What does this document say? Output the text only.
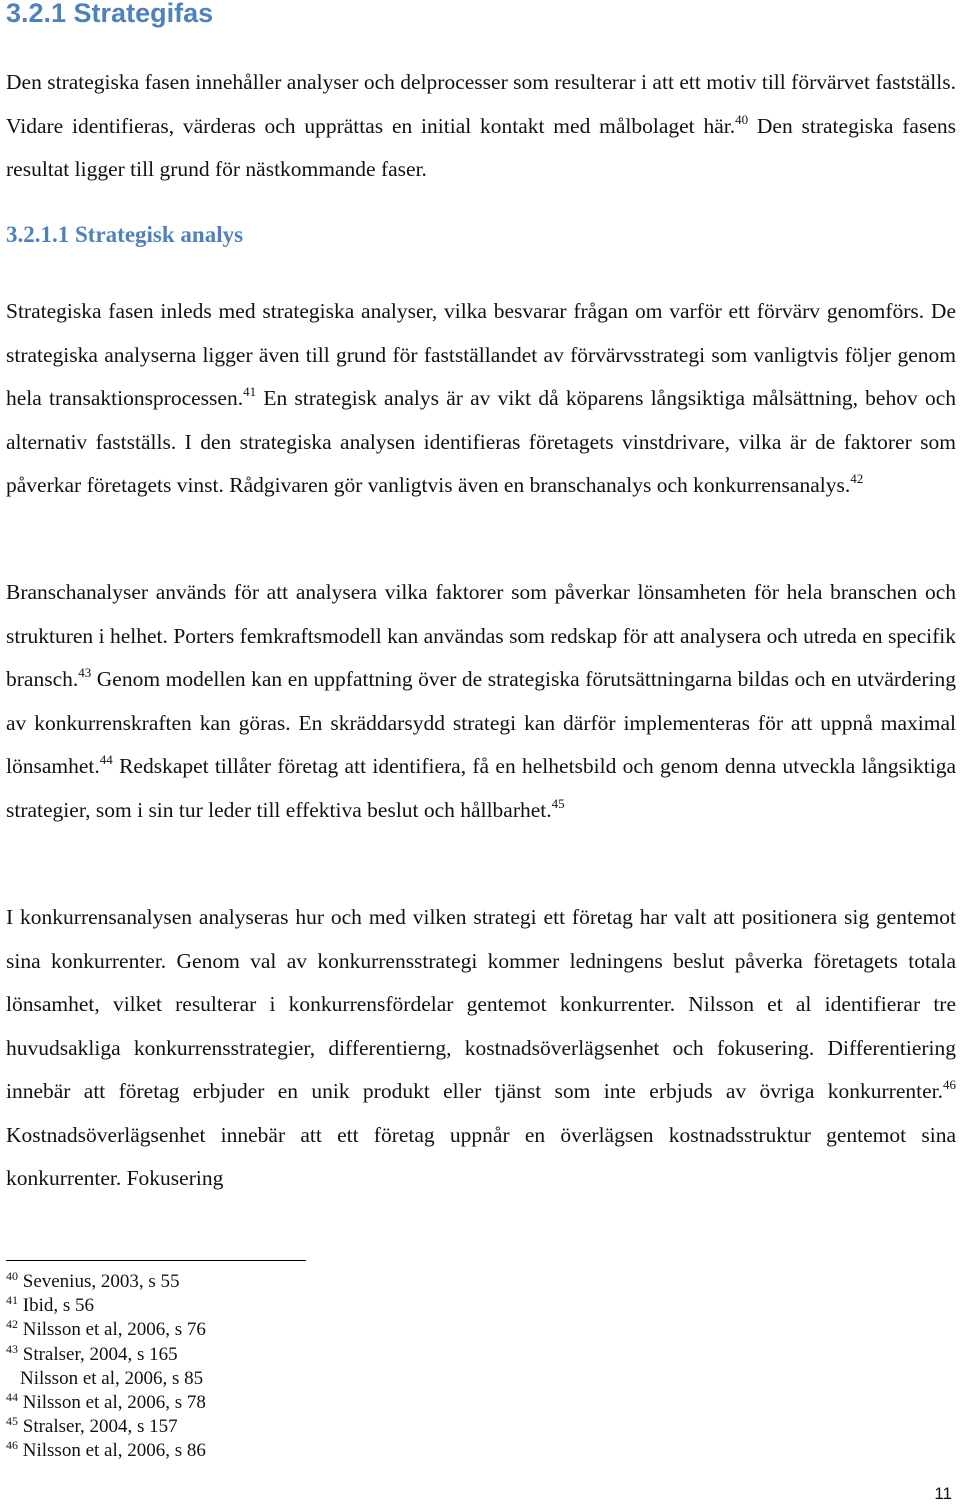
3.2.1 Strategifas

Den strategiska fasen innehåller analyser och delprocesser som resulterar i att ett motiv till förvärvet fastställs. Vidare identifieras, värderas och upprättas en initial kontakt med målbolaget här.$^{40}$ Den strategiska fasens resultat ligger till grund för nästkommande faser.

3.2.1.1 Strategisk analys

Strategiska fasen inleds med strategiska analyser, vilka besvarar frågan om varför ett förvärv genomförs. De strategiska analyserna ligger även till grund för fastställandet av förvärvsstrategi som vanligtvis följer genom hela transaktionsprocessen.$^{41}$ En strategisk analys är av vikt då köparens långsiktiga målsättning, behov och alternativ fastställs. I den strategiska analysen identifieras företagets vinstdrivare, vilka är de faktorer som påverkar företagets vinst. Rådgivaren gör vanligtvis även en branschanalys och konkurrensanalys.$^{42}$

Branschanalyser används för att analysera vilka faktorer som påverkar lönsamheten för hela branschen och strukturen i helhet. Porters femkraftsmodell kan användas som redskap för att analysera och utreda en specifik bransch.$^{43}$ Genom modellen kan en uppfattning över de strategiska förutsättningarna bildas och en utvärdering av konkurrenskraften kan göras. En skräddarsydd strategi kan därför implementeras för att uppnå maximal lönsamhet.$^{44}$ Redskapet tillåter företag att identifiera, få en helhetsbild och genom denna utveckla långsiktiga strategier, som i sin tur leder till effektiva beslut och hållbarhet.$^{45}$

I konkurrensanalysen analyseras hur och med vilken strategi ett företag har valt att positionera sig gentemot sina konkurrenter. Genom val av konkurrensstrategi kommer ledningens beslut påverka företagets totala lönsamhet, vilket resulterar i konkurrensfördelar gentemot konkurrenter. Nilsson et al identifierar tre huvudsakliga konkurrensstrategier, differentierng, kostnadsöverlägsenhet och fokusering. Differentiering innebär att företag erbjuder en unik produkt eller tjänst som inte erbjuds av övriga konkurrenter.$^{46}$ Kostnadsöverlägsenhet innebär att ett företag uppnår en överlägsen kostnadsstruktur gentemot sina konkurrenter. Fokusering

$^{40}$ Sevenius, 2003, s 55
$^{41}$ Ibid, s 56
$^{42}$ Nilsson et al, 2006, s 76
$^{43}$ Stralser, 2004, s 165
Nilsson et al, 2006, s 85
$^{44}$ Nilsson et al, 2006, s 78
$^{45}$ Stralser, 2004, s 157
$^{46}$ Nilsson et al, 2006, s 86
11
